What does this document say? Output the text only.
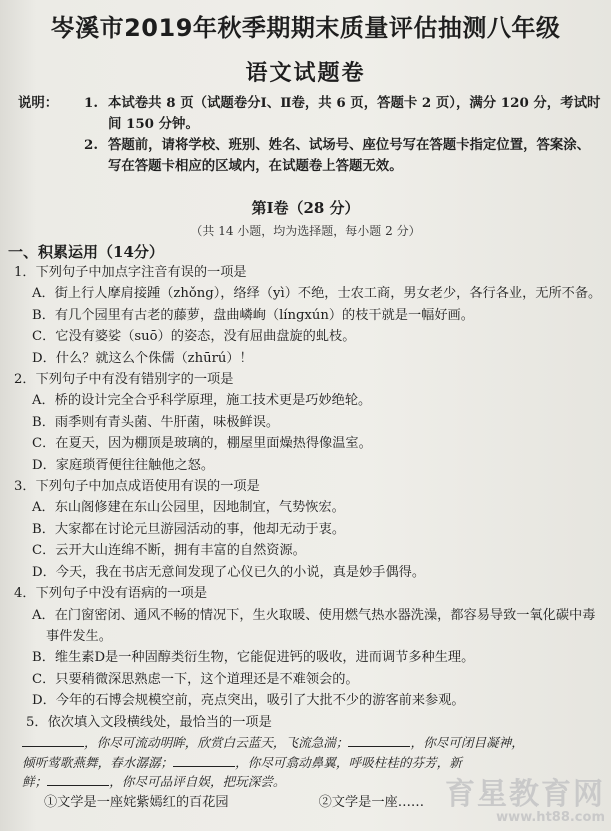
岑溪市2019年秋季期期末质量评估抽测八年级
语文试题卷
说明：	1. 本试卷共 8 页（试题卷分Ⅰ、Ⅱ卷，共 6 页，答题卡 2 页），满分 120 分，考试时间 150 分钟。
2. 答题前，请将学校、班别、姓名、试场号、座位号写在答题卡指定位置，答案涂、写在答题卡相应的区域内，在试题卷上答题无效。
第Ⅰ卷（28 分）
（共 14 小题，均为选择题，每小题 2 分）
一、积累运用（14分）

1．下列句子中加点字注音有误的一项是

A．街上行人摩肩接踵（zhǒng），络绎（yì）不绝，士农工商，男女老少，各行各业，无所不备。

B．有几个园里有古老的藤萝，盘曲嶙峋（línɡxún）的枝干就是一幅好画。

C．它没有婆娑（suō）的姿态，没有屈曲盘旋的虬枝。

D．什么？就这么个侏儒（zhūrú）！

2．下列句子中有没有错别字的一项是

A．桥的设计完全合乎科学原理，施工技术更是巧妙绝轮。

B．雨季则有青头菌、牛肝菌，味极鲜误。

C．在夏天，因为棚顶是玻璃的，棚屋里面燥热得像温室。

D．家庭琐胥便往往触他之怒。

3．下列句子中加点成语使用有误的一项是

A．东山阁修建在东山公园里，因地制宜，气势恢宏。

B．大家都在讨论元旦游园活动的事，他却无动于衷。

C．云开大山连绵不断，拥有丰富的自然资源。

D．今天，我在书店无意间发现了心仪已久的小说，真是妙手偶得。

4．下列句子中没有语病的一项是

A．在门窗密闭、通风不畅的情况下，生火取暖、使用燃气热水器洗澡，都容易导致一氧化碳中毒事件发生。

B．维生素D是一种固醇类衍生物，它能促进钙的吸收，进而调节多种生理。

C．只要稍微深思熟虑一下，这个道理还是不难领会的。

D．今年的石博会规模空前，亮点突出，吸引了大批不少的游客前来参观。

5．依次填入文段横线处，最恰当的一项是

，你尽可流动明眸，欣赏白云蓝天，飞流急湍；	，你尽可闭目凝神，
倾听莺歌燕舞，春水潺潺；	，你尽可翕动鼻翼，呼吸柱桂的芬芳，新
鲜；	，你尽可品评自娱，把玩深尝。
①文学是一座姹紫嫣红的百花园	②文学是一座…… 育星教育网
www.ht88.com
